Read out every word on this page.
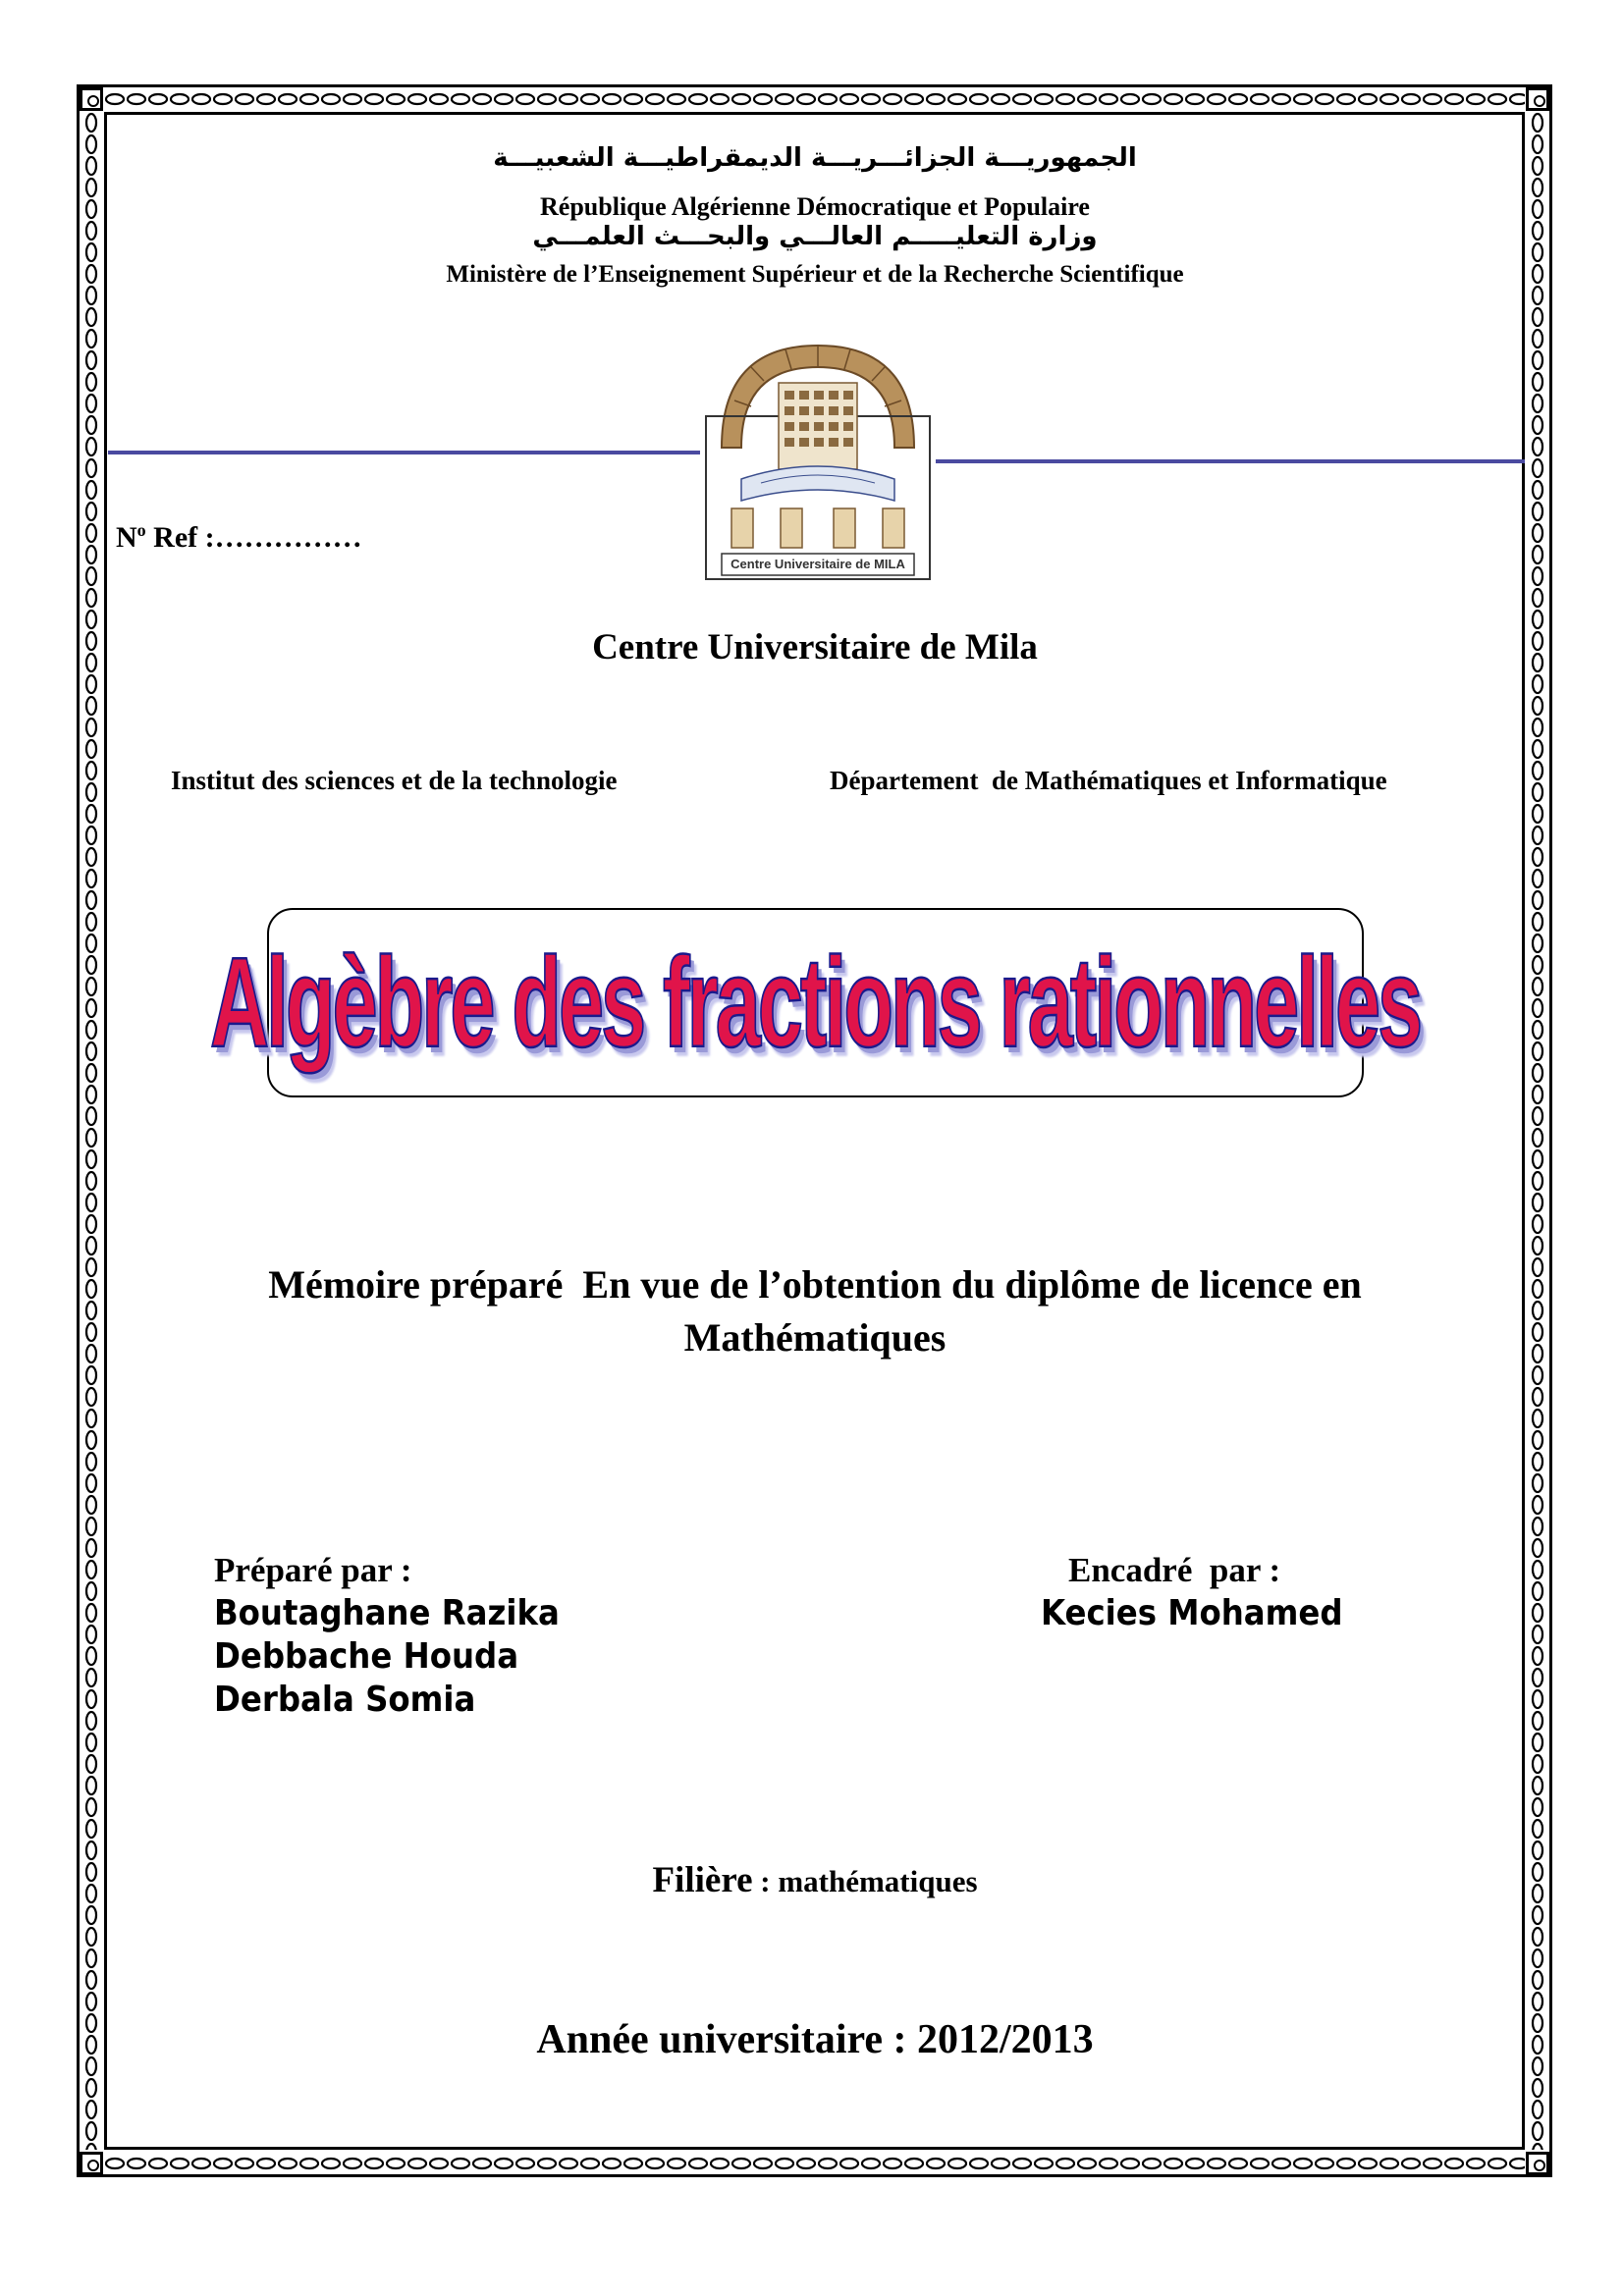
الجمهوريـــة الجزائـــريـــة الديمقراطيـــة الشعبيـــة
République Algérienne Démocratique et Populaire
وزارة التعليـــــم العالـــي والبحـــث العلمـــي
Ministère de l’Enseignement Supérieur et de la Recherche Scientifique
Centre Universitaire de MILA
$N^o$ Ref :……………
Centre Universitaire de Mila
Institut des sciences et de la technologie	Département  de Mathématiques et Informatique
Algèbre des fractions rationnelles
Mémoire préparé  En vue de l’obtention du diplôme de licence en
Mathématiques
Préparé par :
Boutaghane Razika
Debbache Houda
Derbala Somia
Encadré  par :
Kecies Mohamed
Filière : mathématiques
Année universitaire : 2012/2013
